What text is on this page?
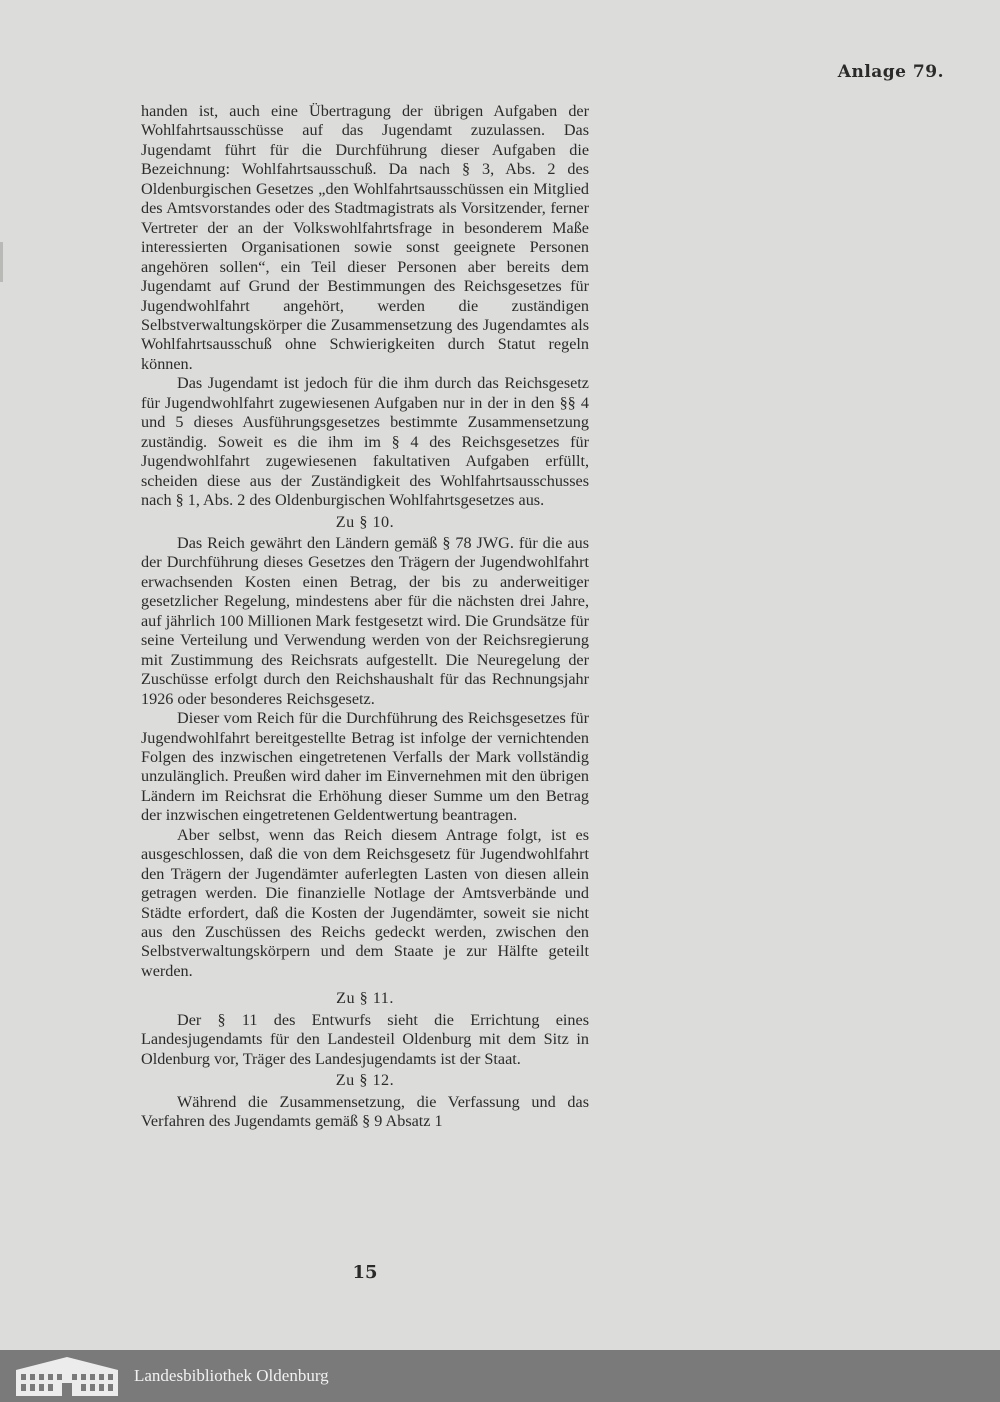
Anlage 79.

handen ist, auch eine Übertragung der übrigen Aufgaben der Wohlfahrtsausschüsse auf das Jugendamt zuzulassen. Das Jugendamt führt für die Durchführung dieser Aufgaben die Bezeichnung: Wohlfahrtsausschuß. Da nach § 3, Abs. 2 des Oldenburgischen Gesetzes „den Wohlfahrtsausschüssen ein Mitglied des Amtsvorstandes oder des Stadtmagistrats als Vorsitzender, ferner Vertreter der an der Volkswohlfahrtsfrage in besonderem Maße interessierten Organisationen sowie sonst geeignete Personen angehören sollen“, ein Teil dieser Personen aber bereits dem Jugendamt auf Grund der Bestimmungen des Reichsgesetzes für Jugendwohlfahrt angehört, werden die zuständigen Selbstverwaltungskörper die Zusammensetzung des Jugendamtes als Wohlfahrtsausschuß ohne Schwierigkeiten durch Statut regeln können.

Das Jugendamt ist jedoch für die ihm durch das Reichsgesetz für Jugendwohlfahrt zugewiesenen Aufgaben nur in der in den §§ 4 und 5 dieses Ausführungsgesetzes bestimmte Zusammensetzung zuständig. Soweit es die ihm im § 4 des Reichsgesetzes für Jugendwohlfahrt zugewiesenen fakultativen Aufgaben erfüllt, scheiden diese aus der Zuständigkeit des Wohlfahrtsausschusses nach § 1, Abs. 2 des Oldenburgischen Wohlfahrtsgesetzes aus.

Zu § 10.

Das Reich gewährt den Ländern gemäß § 78 JWG. für die aus der Durchführung dieses Gesetzes den Trägern der Jugendwohlfahrt erwachsenden Kosten einen Betrag, der bis zu anderweitiger gesetzlicher Regelung, mindestens aber für die nächsten drei Jahre, auf jährlich 100 Millionen Mark festgesetzt wird. Die Grundsätze für seine Verteilung und Verwendung werden von der Reichsregierung mit Zustimmung des Reichsrats aufgestellt. Die Neuregelung der Zuschüsse erfolgt durch den Reichshaushalt für das Rechnungsjahr 1926 oder besonderes Reichsgesetz.

Dieser vom Reich für die Durchführung des Reichsgesetzes für Jugendwohlfahrt bereitgestellte Betrag ist infolge der vernichtenden Folgen des inzwischen eingetretenen Verfalls der Mark vollständig unzulänglich. Preußen wird daher im Einvernehmen mit den übrigen Ländern im Reichsrat die Erhöhung dieser Summe um den Betrag der inzwischen eingetretenen Geldentwertung beantragen.

Aber selbst, wenn das Reich diesem Antrage folgt, ist es ausgeschlossen, daß die von dem Reichsgesetz für Jugendwohlfahrt den Trägern der Jugendämter auferlegten Lasten von diesen allein getragen werden. Die finanzielle Notlage der Amtsverbände und Städte erfordert, daß die Kosten der Jugendämter, soweit sie nicht aus den Zuschüssen des Reichs gedeckt werden, zwischen den Selbstverwaltungskörpern und dem Staate je zur Hälfte geteilt werden.

Zu § 11.

Der § 11 des Entwurfs sieht die Errichtung eines Landesjugendamts für den Landesteil Oldenburg mit dem Sitz in Oldenburg vor, Träger des Landesjugendamts ist der Staat.

Zu § 12.

Während die Zusammensetzung, die Verfassung und das Verfahren des Jugendamts gemäß § 9 Absatz 1

15
Landesbibliothek Oldenburg
